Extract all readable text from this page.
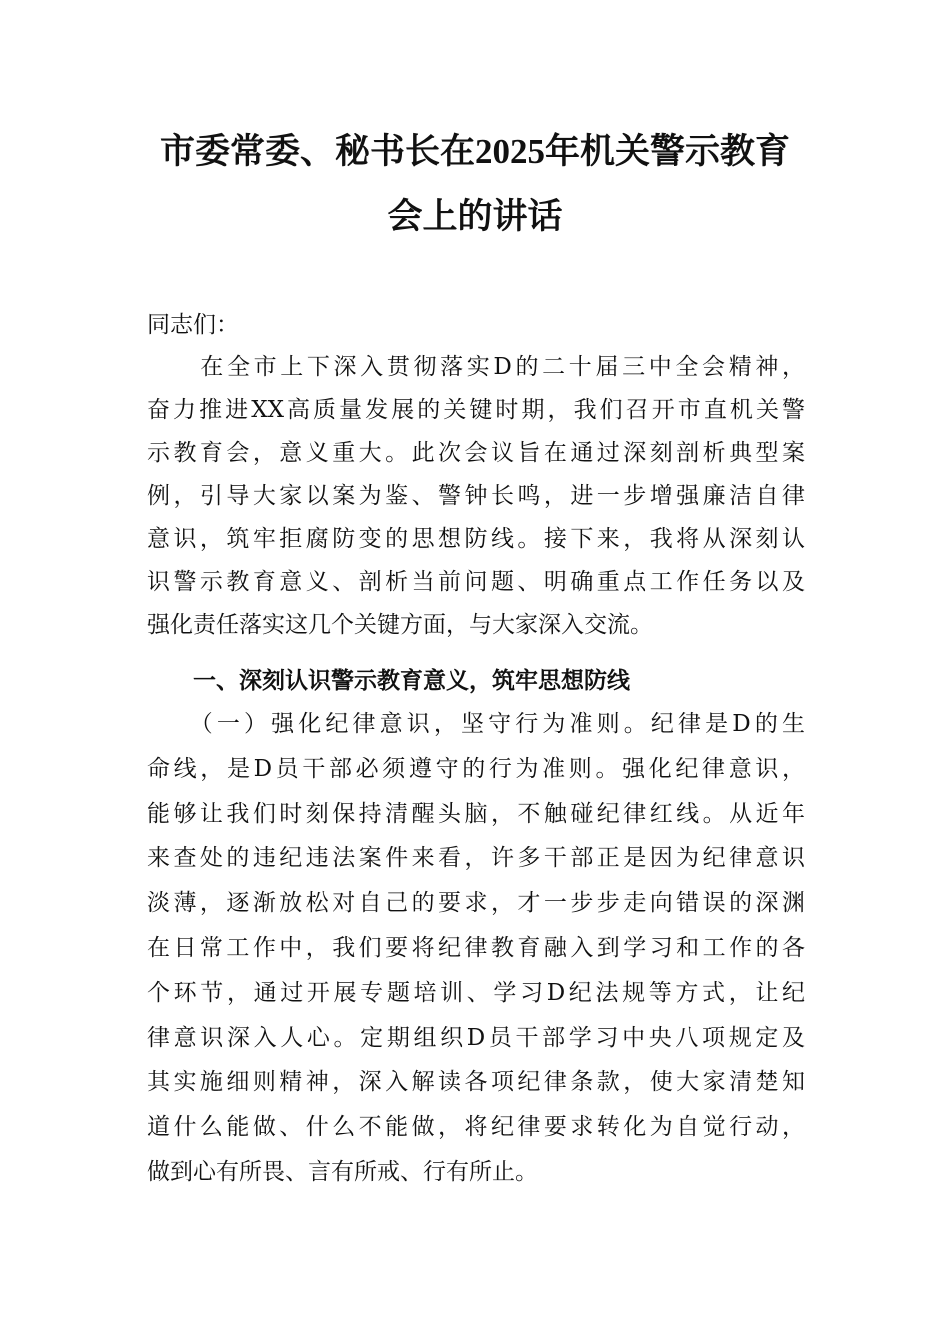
市委常委、秘书长在2025年机关警示教育
会上的讲话
同志们：
　　在全市上下深入贯彻落实D的二十届三中全会精神，
奋力推进XX高质量发展的关键时期，我们召开市直机关警
示教育会，意义重大。此次会议旨在通过深刻剖析典型案
例，引导大家以案为鉴、警钟长鸣，进一步增强廉洁自律
意识，筑牢拒腐防变的思想防线。接下来，我将从深刻认
识警示教育意义、剖析当前问题、明确重点工作任务以及
强化责任落实这几个关键方面，与大家深入交流。
　　一、深刻认识警示教育意义，筑牢思想防线
　　（一）强化纪律意识，坚守行为准则。纪律是D的生
命线，是D员干部必须遵守的行为准则。强化纪律意识，
能够让我们时刻保持清醒头脑，不触碰纪律红线。从近年
来查处的违纪违法案件来看，许多干部正是因为纪律意识
淡薄，逐渐放松对自己的要求，才一步步走向错误的深渊
在日常工作中，我们要将纪律教育融入到学习和工作的各
个环节，通过开展专题培训、学习D纪法规等方式，让纪
律意识深入人心。定期组织D员干部学习中央八项规定及
其实施细则精神，深入解读各项纪律条款，使大家清楚知
道什么能做、什么不能做，将纪律要求转化为自觉行动，
做到心有所畏、言有所戒、行有所止。
